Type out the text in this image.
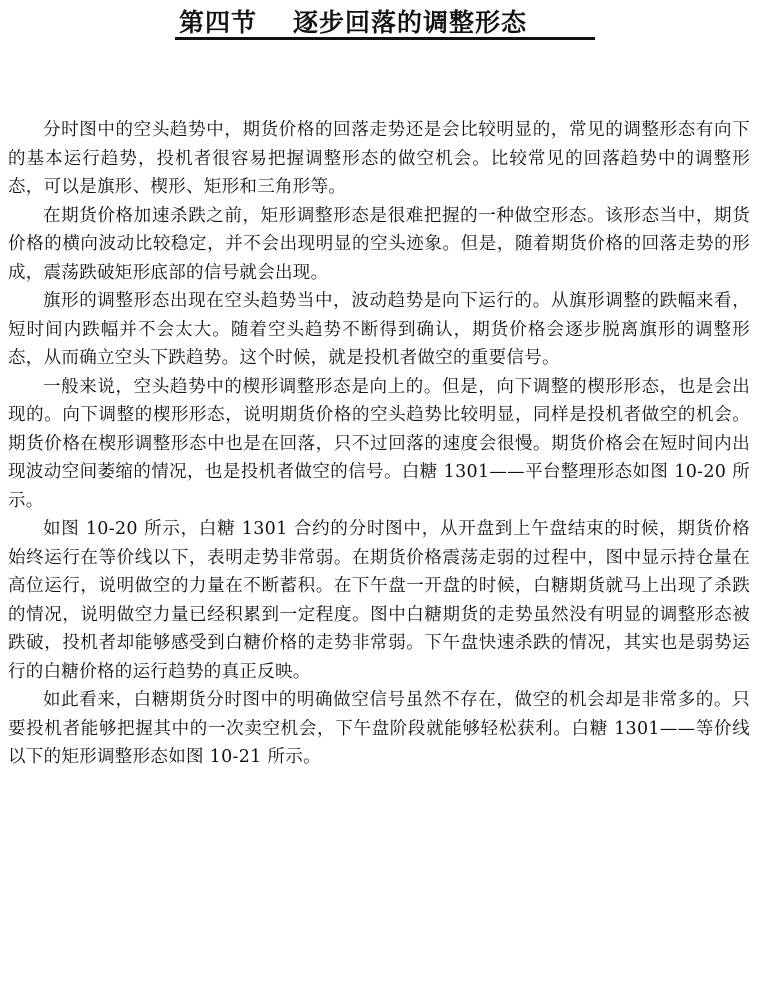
第四节 逐步回落的调整形态

分时图中的空头趋势中，期货价格的回落走势还是会比较明显的，常见的调整形态有向下的基本运行趋势，投机者很容易把握调整形态的做空机会。比较常见的回落趋势中的调整形态，可以是旗形、楔形、矩形和三角形等。

在期货价格加速杀跌之前，矩形调整形态是很难把握的一种做空形态。该形态当中，期货价格的横向波动比较稳定，并不会出现明显的空头迹象。但是，随着期货价格的回落走势的形成，震荡跌破矩形底部的信号就会出现。

旗形的调整形态出现在空头趋势当中，波动趋势是向下运行的。从旗形调整的跌幅来看，短时间内跌幅并不会太大。随着空头趋势不断得到确认，期货价格会逐步脱离旗形的调整形态，从而确立空头下跌趋势。这个时候，就是投机者做空的重要信号。

一般来说，空头趋势中的楔形调整形态是向上的。但是，向下调整的楔形形态，也是会出现的。向下调整的楔形形态，说明期货价格的空头趋势比较明显，同样是投机者做空的机会。期货价格在楔形调整形态中也是在回落，只不过回落的速度会很慢。期货价格会在短时间内出现波动空间萎缩的情况，也是投机者做空的信号。白糖 1301——平台整理形态如图 10-20 所示。

如图 10-20 所示，白糖 1301 合约的分时图中，从开盘到上午盘结束的时候，期货价格始终运行在等价线以下，表明走势非常弱。在期货价格震荡走弱的过程中，图中显示持仓量在高位运行，说明做空的力量在不断蓄积。在下午盘一开盘的时候，白糖期货就马上出现了杀跌的情况，说明做空力量已经积累到一定程度。图中白糖期货的走势虽然没有明显的调整形态被跌破，投机者却能够感受到白糖价格的走势非常弱。下午盘快速杀跌的情况，其实也是弱势运行的白糖价格的运行趋势的真正反映。

如此看来，白糖期货分时图中的明确做空信号虽然不存在，做空的机会却是非常多的。只要投机者能够把握其中的一次卖空机会，下午盘阶段就能够轻松获利。白糖 1301——等价线以下的矩形调整形态如图 10-21 所示。
